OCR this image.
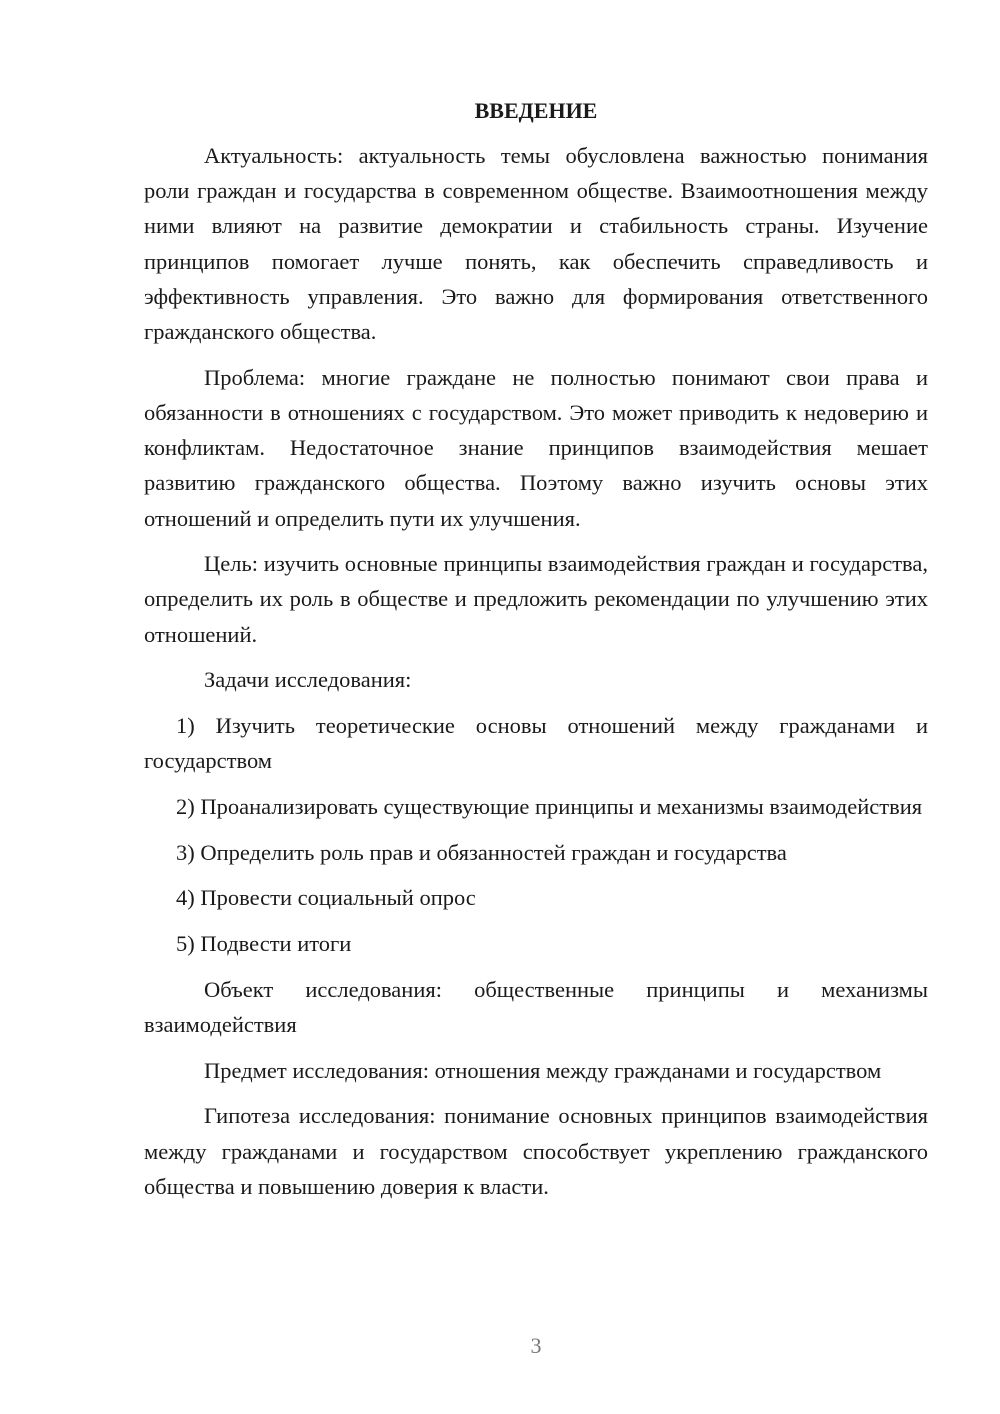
ВВЕДЕНИЕ

Актуальность: актуальность темы обусловлена важностью понимания роли граждан и государства в современном обществе. Взаимоотношения между ними влияют на развитие демократии и стабильность страны. Изучение принципов помогает лучше понять, как обеспечить справедливость и эффективность управления. Это важно для формирования ответственного гражданского общества.

Проблема: многие граждане не полностью понимают свои права и обязанности в отношениях с государством. Это может приводить к недоверию и конфликтам. Недостаточное знание принципов взаимодействия мешает развитию гражданского общества. Поэтому важно изучить основы этих отношений и определить пути их улучшения.

Цель: изучить основные принципы взаимодействия граждан и государства, определить их роль в обществе и предложить рекомендации по улучшению этих отношений.

Задачи исследования:

1) Изучить теоретические основы отношений между гражданами и государством

2) Проанализировать существующие принципы и механизмы взаимодействия

3) Определить роль прав и обязанностей граждан и государства

4) Провести социальный опрос

5) Подвести итоги

Объект исследования: общественные принципы и механизмы взаимодействия

Предмет исследования: отношения между гражданами и государством

Гипотеза исследования: понимание основных принципов взаимодействия между гражданами и государством способствует укреплению гражданского общества и повышению доверия к власти.

3
